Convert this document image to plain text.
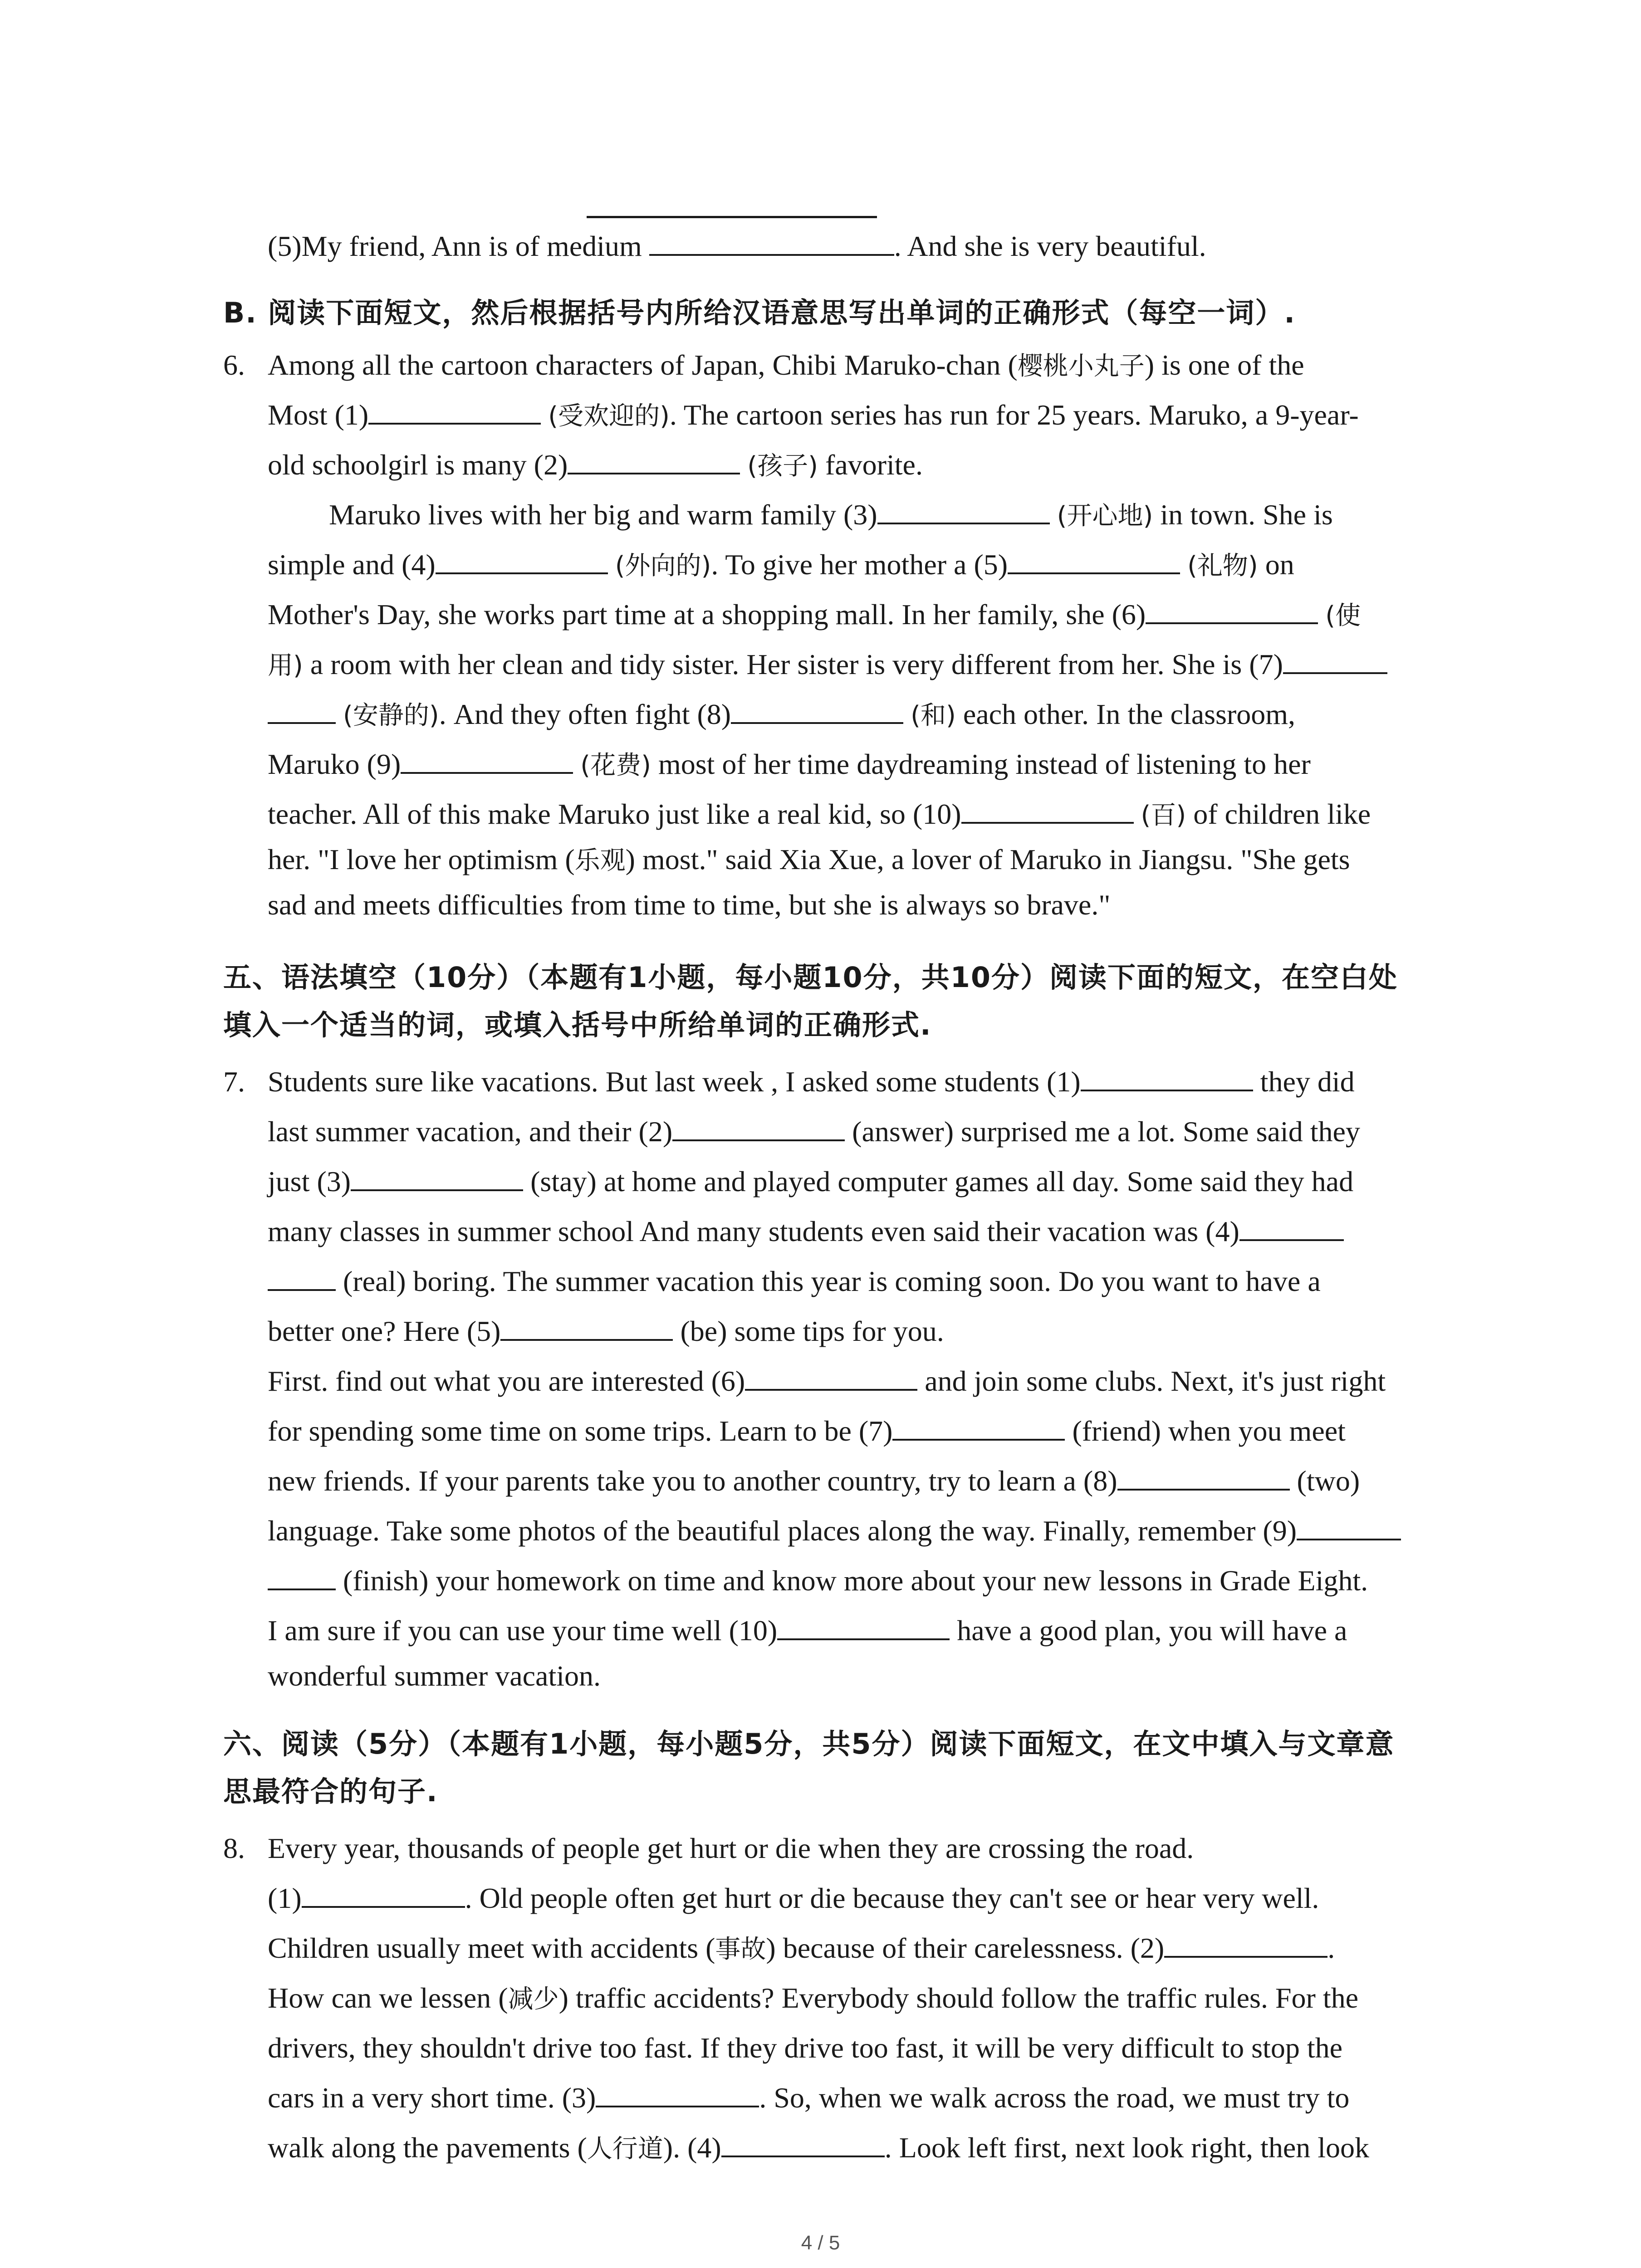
(5)My friend, Ann is of medium	. And she is very beautiful.
B. 阅读下面短文，然后根据括号内所给汉语意思写出单词的正确形式（每空一词）.
6. Among all the cartoon characters of Japan, Chibi Maruko-chan (樱桃小丸子) is one of the
Most (1)	(受欢迎的). The cartoon series has run for 25 years. Maruko, a 9-year-
old schoolgirl is many (2)	(孩子) favorite.
Maruko lives with her big and warm family (3)	(开心地) in town. She is
simple and (4)	(外向的). To give her mother a (5)	(礼物) on
Mother's Day, she works part time at a shopping mall. In her family, she (6)	(使
用) a room with her clean and tidy sister. Her sister is very different from her. She is (7)
(安静的). And they often fight (8)	(和) each other. In the classroom,
Maruko (9)	(花费) most of her time daydreaming instead of listening to her
teacher. All of this make Maruko just like a real kid, so (10)	(百) of children like
her. "I love her optimism (乐观) most." said Xia Xue, a lover of Maruko in Jiangsu. "She gets
sad and meets difficulties from time to time, but she is always so brave."
五、语法填空（10分）（本题有1小题，每小题10分，共10分）阅读下面的短文，在空白处
填入一个适当的词，或填入括号中所给单词的正确形式.
7. Students sure like vacations. But last week , I asked some students (1)	they did
last summer vacation, and their (2)	(answer) surprised me a lot. Some said they
just (3)	(stay) at home and played computer games all day. Some said they had
many classes in summer school And many students even said their vacation was (4)
(real) boring. The summer vacation this year is coming soon. Do you want to have a
better one? Here (5)	(be) some tips for you.
First. find out what you are interested (6)	and join some clubs. Next, it's just right
for spending some time on some trips. Learn to be (7)	(friend) when you meet
new friends. If your parents take you to another country, try to learn a (8)	(two)
language. Take some photos of the beautiful places along the way. Finally, remember (9)
(finish) your homework on time and know more about your new lessons in Grade Eight.
I am sure if you can use your time well (10)	have a good plan, you will have a
wonderful summer vacation.
六、阅读（5分）（本题有1小题，每小题5分，共5分）阅读下面短文，在文中填入与文章意
思最符合的句子.
8. Every year, thousands of people get hurt or die when they are crossing the road.
(1)	. Old people often get hurt or die because they can't see or hear very well.
Children usually meet with accidents (事故) because of their carelessness. (2)	.
How can we lessen (减少) traffic accidents? Everybody should follow the traffic rules. For the
drivers, they shouldn't drive too fast. If they drive too fast, it will be very difficult to stop the
cars in a very short time. (3)	. So, when we walk across the road, we must try to
walk along the pavements (人行道). (4)	. Look left first, next look right, then look
4 / 5
